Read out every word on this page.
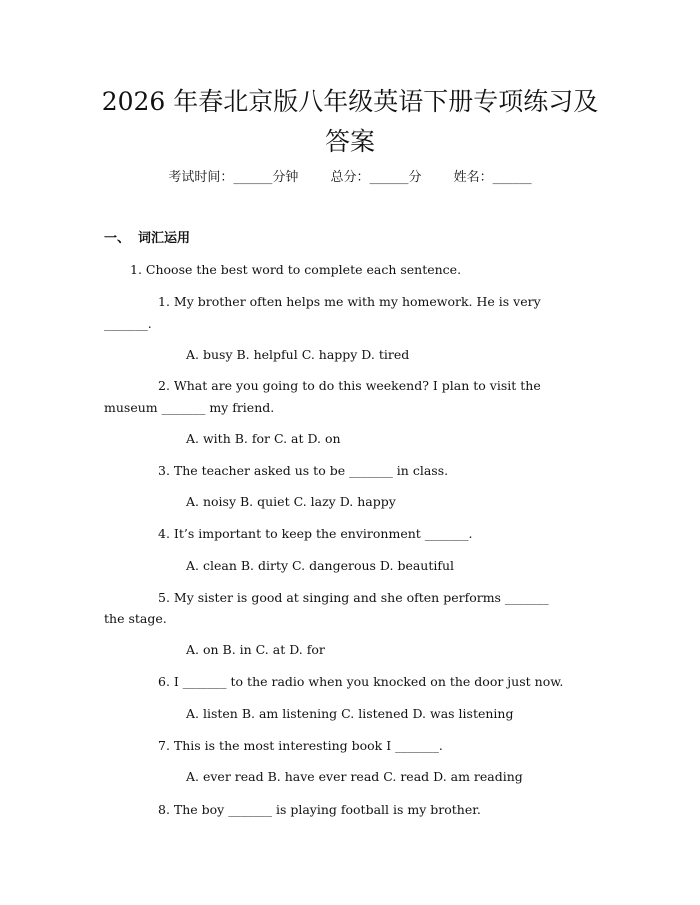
2026 年春北京版八年级英语下册专项练习及
答案
考试时间：______分钟 总分：______分 姓名：______
一、 词汇运用
1. Choose the best word to complete each sentence.
1. My brother often helps me with my homework. He is very
_______.
A. busy B. helpful C. happy D. tired
2. What are you going to do this weekend? I plan to visit the
museum _______ my friend.
A. with B. for C. at D. on
3. The teacher asked us to be _______ in class.
A. noisy B. quiet C. lazy D. happy
4. It’s important to keep the environment _______.
A. clean B. dirty C. dangerous D. beautiful
5. My sister is good at singing and she often performs _______
the stage.
A. on B. in C. at D. for
6. I _______ to the radio when you knocked on the door just now.
A. listen B. am listening C. listened D. was listening
7. This is the most interesting book I _______.
A. ever read B. have ever read C. read D. am reading
8. The boy _______ is playing football is my brother.
